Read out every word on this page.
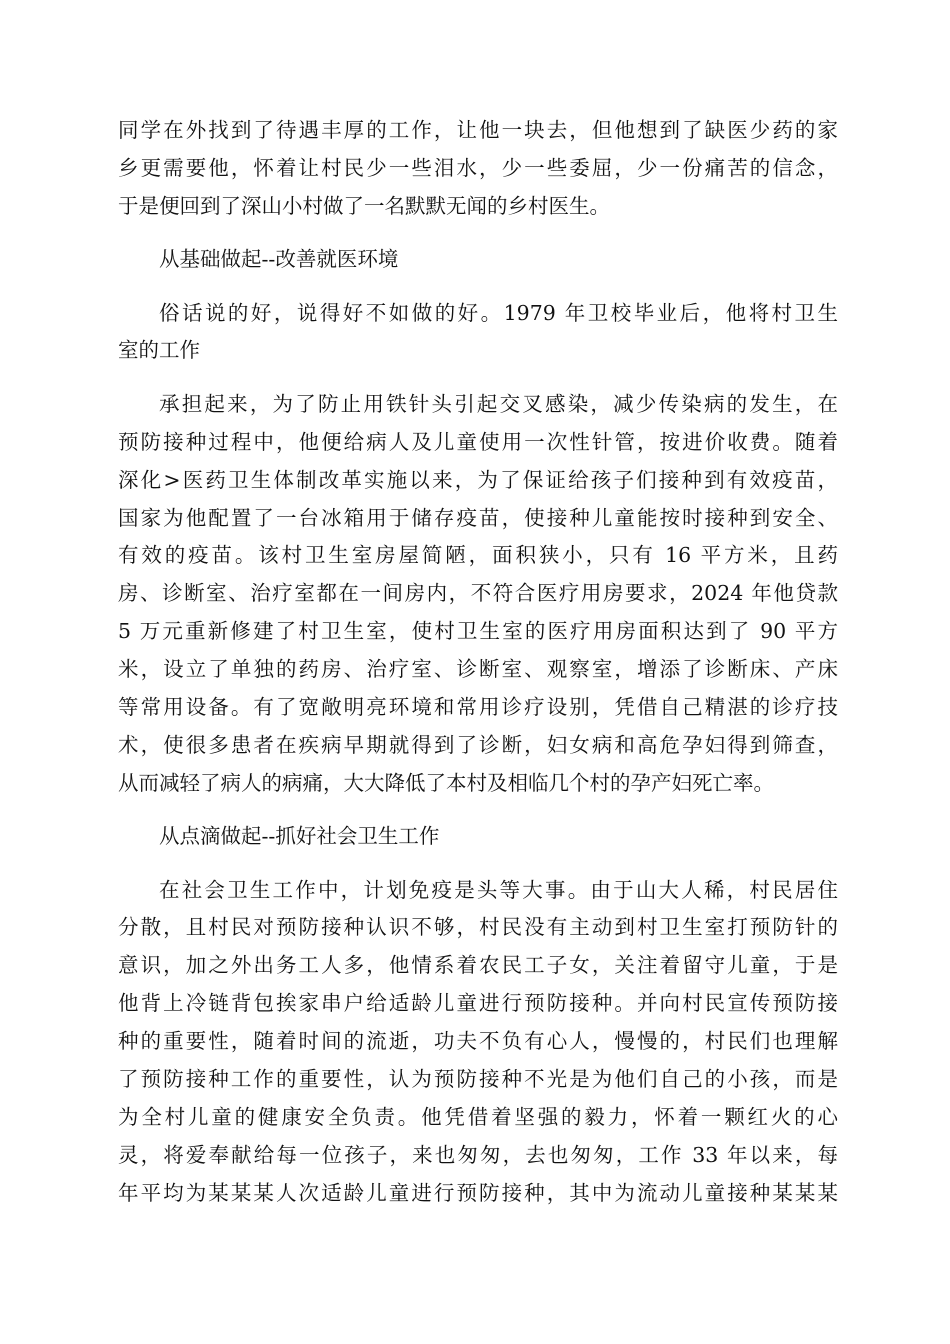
同学在外找到了待遇丰厚的工作，让他一块去，但他想到了缺医少药的家
乡更需要他，怀着让村民少一些泪水，少一些委屈，少一份痛苦的信念，
于是便回到了深山小村做了一名默默无闻的乡村医生。
从基础做起--改善就医环境
俗话说的好，说得好不如做的好。1979 年卫校毕业后，他将村卫生
室的工作
承担起来，为了防止用铁针头引起交叉感染，减少传染病的发生，在
预防接种过程中，他便给病人及儿童使用一次性针管，按进价收费。随着
深化>医药卫生体制改革实施以来，为了保证给孩子们接种到有效疫苗，
国家为他配置了一台冰箱用于储存疫苗，使接种儿童能按时接种到安全、
有效的疫苗。该村卫生室房屋简陋，面积狭小，只有 16 平方米，且药
房、诊断室、治疗室都在一间房内，不符合医疗用房要求，2024 年他贷款
5 万元重新修建了村卫生室，使村卫生室的医疗用房面积达到了 90 平方
米，设立了单独的药房、治疗室、诊断室、观察室，增添了诊断床、产床
等常用设备。有了宽敞明亮环境和常用诊疗设别，凭借自己精湛的诊疗技
术，使很多患者在疾病早期就得到了诊断，妇女病和高危孕妇得到筛查，
从而减轻了病人的病痛，大大降低了本村及相临几个村的孕产妇死亡率。
从点滴做起--抓好社会卫生工作
在社会卫生工作中，计划免疫是头等大事。由于山大人稀，村民居住
分散，且村民对预防接种认识不够，村民没有主动到村卫生室打预防针的
意识，加之外出务工人多，他情系着农民工子女，关注着留守儿童，于是
他背上冷链背包挨家串户给适龄儿童进行预防接种。并向村民宣传预防接
种的重要性，随着时间的流逝，功夫不负有心人，慢慢的，村民们也理解
了预防接种工作的重要性，认为预防接种不光是为他们自己的小孩，而是
为全村儿童的健康安全负责。他凭借着坚强的毅力，怀着一颗红火的心
灵，将爱奉献给每一位孩子，来也匆匆，去也匆匆，工作 33 年以来，每
年平均为某某某人次适龄儿童进行预防接种，其中为流动儿童接种某某某
